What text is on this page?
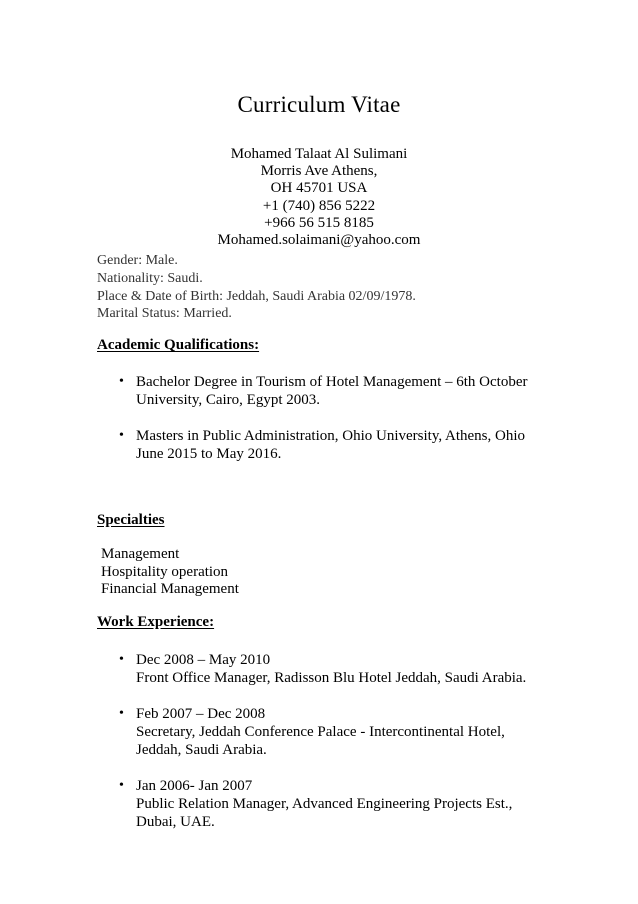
Curriculum Vitae
Mohamed Talaat Al Sulimani
Morris Ave Athens,
OH 45701 USA
+1 (740) 856 5222
+966 56 515 8185
Mohamed.solaimani@yahoo.com
Gender: Male.
Nationality: Saudi.
Place & Date of Birth: Jeddah, Saudi Arabia 02/09/1978.
Marital Status: Married.
Academic Qualifications:
• Bachelor Degree in Tourism of Hotel Management – 6th October
University, Cairo, Egypt 2003.
• Masters in Public Administration, Ohio University, Athens, Ohio
June 2015 to May 2016.
Specialties
Management
Hospitality operation
Financial Management
Work Experience:
• Dec 2008 – May 2010
Front Office Manager, Radisson Blu Hotel Jeddah, Saudi Arabia.
• Feb 2007 – Dec 2008
Secretary, Jeddah Conference Palace - Intercontinental Hotel,
Jeddah, Saudi Arabia.
• Jan 2006- Jan 2007
Public Relation Manager, Advanced Engineering Projects Est.,
Dubai, UAE.
